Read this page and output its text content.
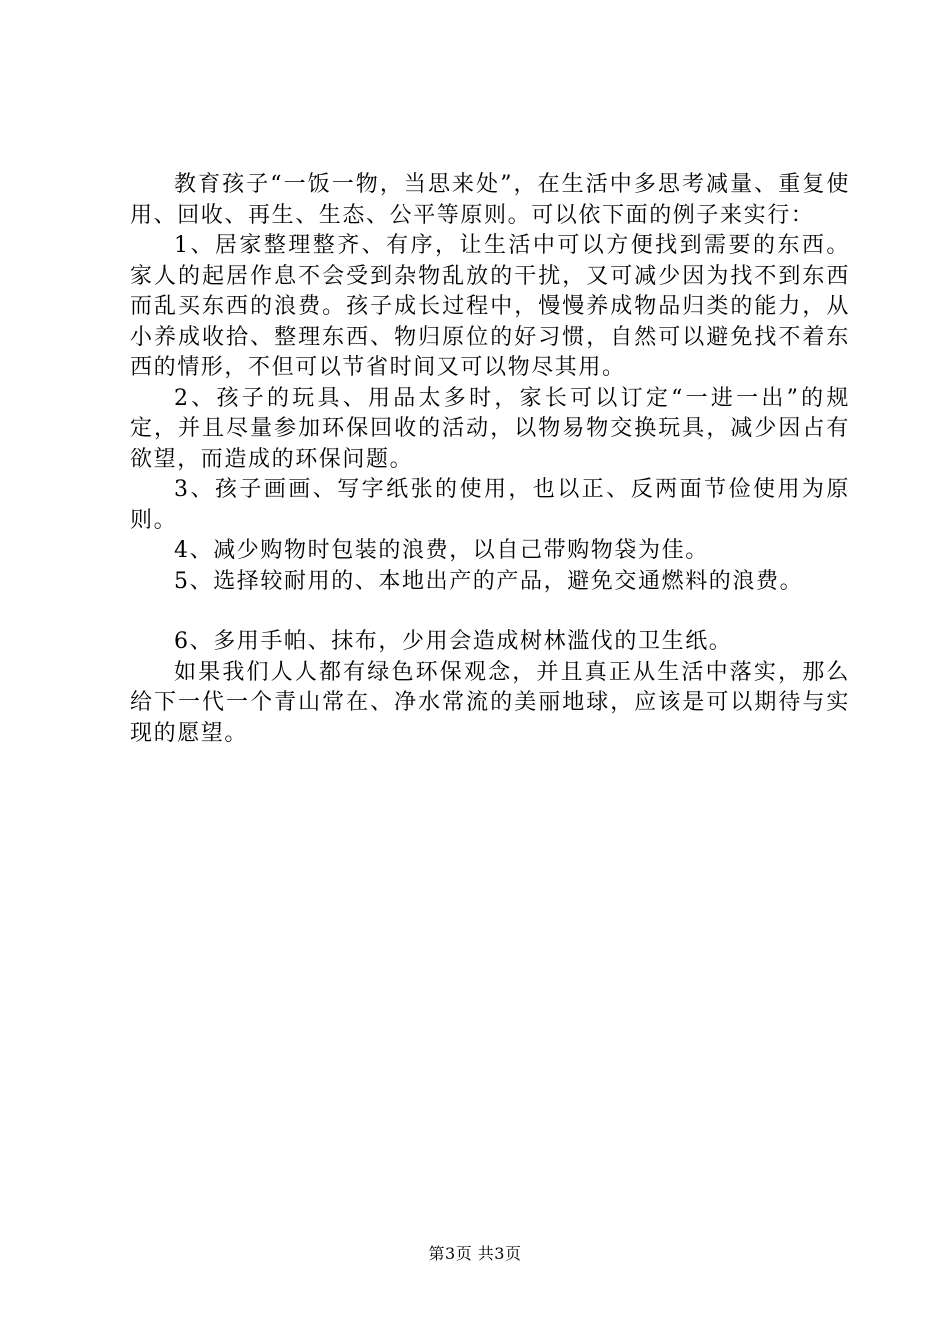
教育孩子“一饭一物，当思来处”，在生活中多思考减量、重复使用、回收、再生、生态、公平等原则。可以依下面的例子来实行：

1、居家整理整齐、有序，让生活中可以方便找到需要的东西。家人的起居作息不会受到杂物乱放的干扰，又可减少因为找不到东西而乱买东西的浪费。孩子成长过程中，慢慢养成物品归类的能力，从小养成收拾、整理东西、物归原位的好习惯，自然可以避免找不着东西的情形，不但可以节省时间又可以物尽其用。

2、孩子的玩具、用品太多时，家长可以订定“一进一出”的规定，并且尽量参加环保回收的活动，以物易物交换玩具，减少因占有欲望，而造成的环保问题。

3、孩子画画、写字纸张的使用，也以正、反两面节俭使用为原则。

4、减少购物时包装的浪费，以自己带购物袋为佳。

5、选择较耐用的、本地出产的产品，避免交通燃料的浪费。

6、多用手帕、抹布，少用会造成树林滥伐的卫生纸。

如果我们人人都有绿色环保观念，并且真正从生活中落实，那么给下一代一个青山常在、净水常流的美丽地球，应该是可以期待与实现的愿望。

第3页 共3页
